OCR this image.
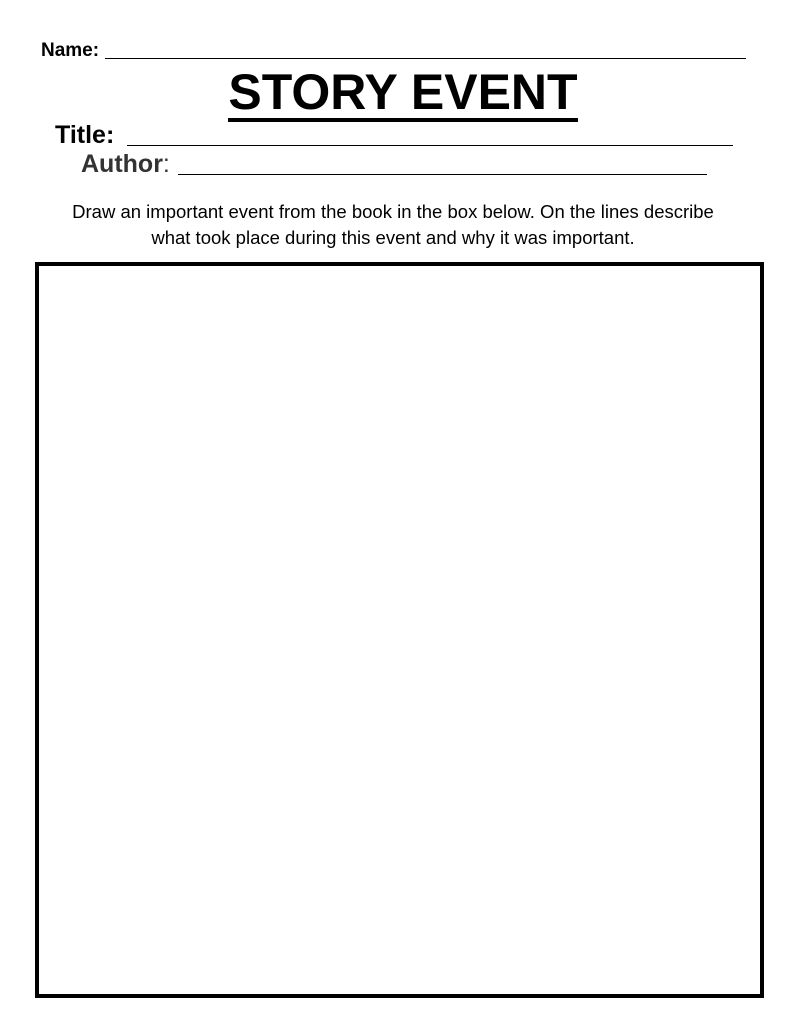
Name:
STORY EVENT
Title:
Author :
Draw an important event from the book in the box below. On the lines describe
what took place during this event and why it was important.
